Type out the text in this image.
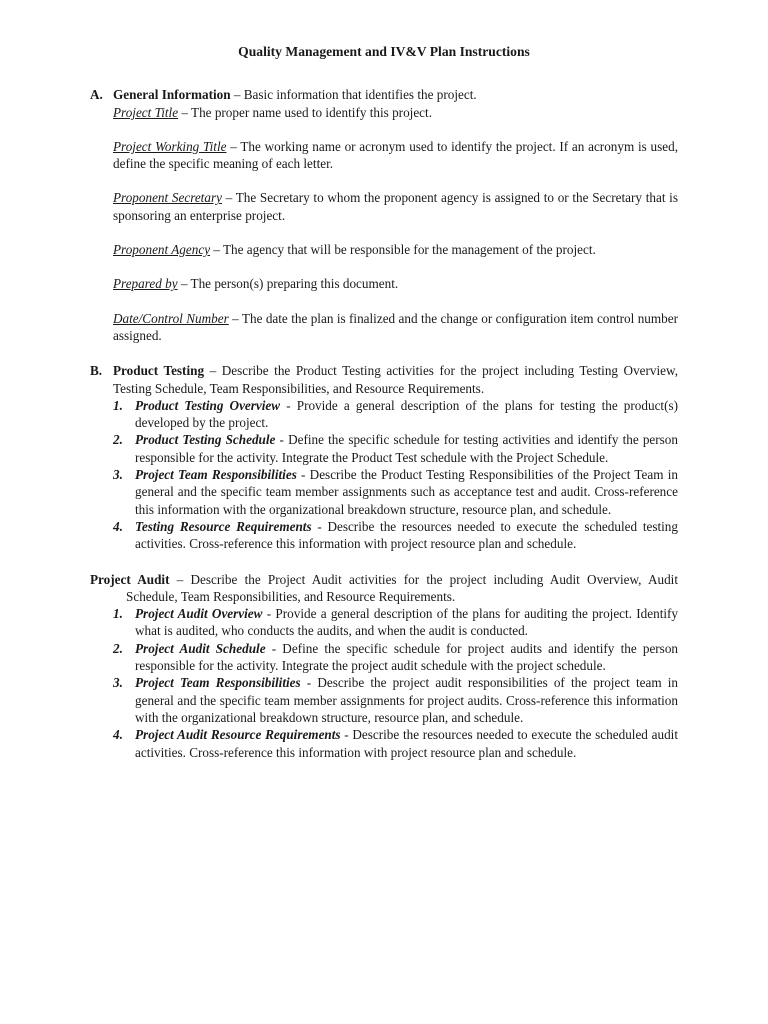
Quality Management and IV&V Plan Instructions
A. General Information – Basic information that identifies the project.
Project Title – The proper name used to identify this project.
Project Working Title – The working name or acronym used to identify the project. If an acronym is used, define the specific meaning of each letter.
Proponent Secretary – The Secretary to whom the proponent agency is assigned to or the Secretary that is sponsoring an enterprise project.
Proponent Agency – The agency that will be responsible for the management of the project.
Prepared by – The person(s) preparing this document.
Date/Control Number – The date the plan is finalized and the change or configuration item control number assigned.
B. Product Testing – Describe the Product Testing activities for the project including Testing Overview, Testing Schedule, Team Responsibilities, and Resource Requirements.
1. Product Testing Overview - Provide a general description of the plans for testing the product(s) developed by the project.
2. Product Testing Schedule - Define the specific schedule for testing activities and identify the person responsible for the activity. Integrate the Product Test schedule with the Project Schedule.
3. Project Team Responsibilities - Describe the Product Testing Responsibilities of the Project Team in general and the specific team member assignments such as acceptance test and audit. Cross-reference this information with the organizational breakdown structure, resource plan, and schedule.
4. Testing Resource Requirements - Describe the resources needed to execute the scheduled testing activities. Cross-reference this information with project resource plan and schedule.
Project Audit – Describe the Project Audit activities for the project including Audit Overview, Audit Schedule, Team Responsibilities, and Resource Requirements.
1. Project Audit Overview - Provide a general description of the plans for auditing the project. Identify what is audited, who conducts the audits, and when the audit is conducted.
2. Project Audit Schedule - Define the specific schedule for project audits and identify the person responsible for the activity. Integrate the project audit schedule with the project schedule.
3. Project Team Responsibilities - Describe the project audit responsibilities of the project team in general and the specific team member assignments for project audits. Cross-reference this information with the organizational breakdown structure, resource plan, and schedule.
4. Project Audit Resource Requirements - Describe the resources needed to execute the scheduled audit activities. Cross-reference this information with project resource plan and schedule.
